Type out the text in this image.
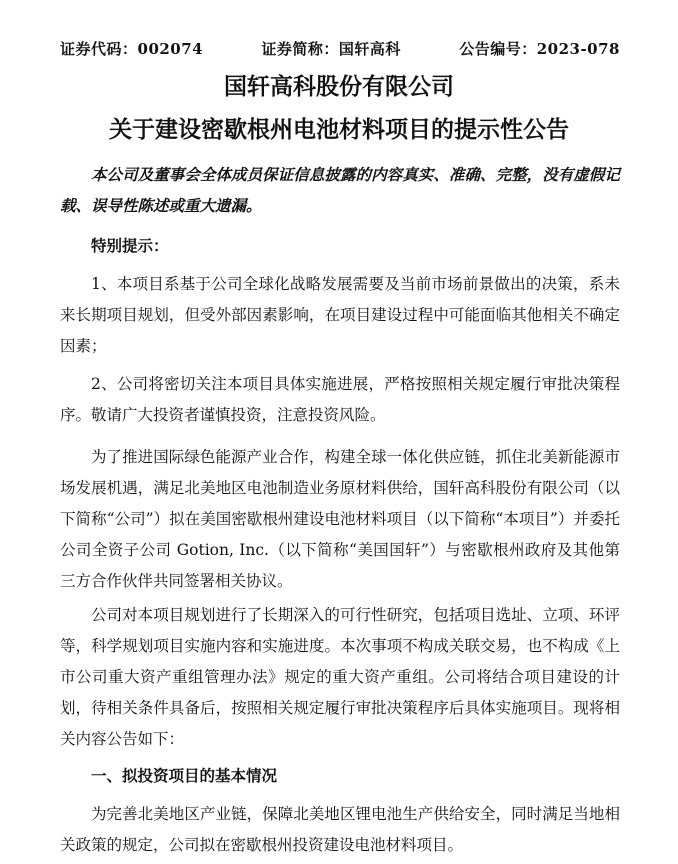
证券代码：002074	证券简称：国轩高科	公告编号：2023-078
国轩高科股份有限公司
关于建设密歇根州电池材料项目的提示性公告

本公司及董事会全体成员保证信息披露的内容真实、准确、完整，没有虚假记载、误导性陈述或重大遗漏。

特别提示：

1、本项目系基于公司全球化战略发展需要及当前市场前景做出的决策，系未来长期项目规划，但受外部因素影响，在项目建设过程中可能面临其他相关不确定因素；

2、公司将密切关注本项目具体实施进展，严格按照相关规定履行审批决策程序。敬请广大投资者谨慎投资，注意投资风险。

为了推进国际绿色能源产业合作，构建全球一体化供应链，抓住北美新能源市场发展机遇，满足北美地区电池制造业务原材料供给，国轩高科股份有限公司（以下简称“公司”）拟在美国密歇根州建设电池材料项目（以下简称“本项目”）并委托公司全资子公司 Gotion, Inc.（以下简称“美国国轩”）与密歇根州政府及其他第三方合作伙伴共同签署相关协议。

公司对本项目规划进行了长期深入的可行性研究，包括项目选址、立项、环评等，科学规划项目实施内容和实施进度。本次事项不构成关联交易，也不构成《上市公司重大资产重组管理办法》规定的重大资产重组。公司将结合项目建设的计划，待相关条件具备后，按照相关规定履行审批决策程序后具体实施项目。现将相关内容公告如下：

一、拟投资项目的基本情况

为完善北美地区产业链，保障北美地区锂电池生产供给安全，同时满足当地相关政策的规定，公司拟在密歇根州投资建设电池材料项目。
